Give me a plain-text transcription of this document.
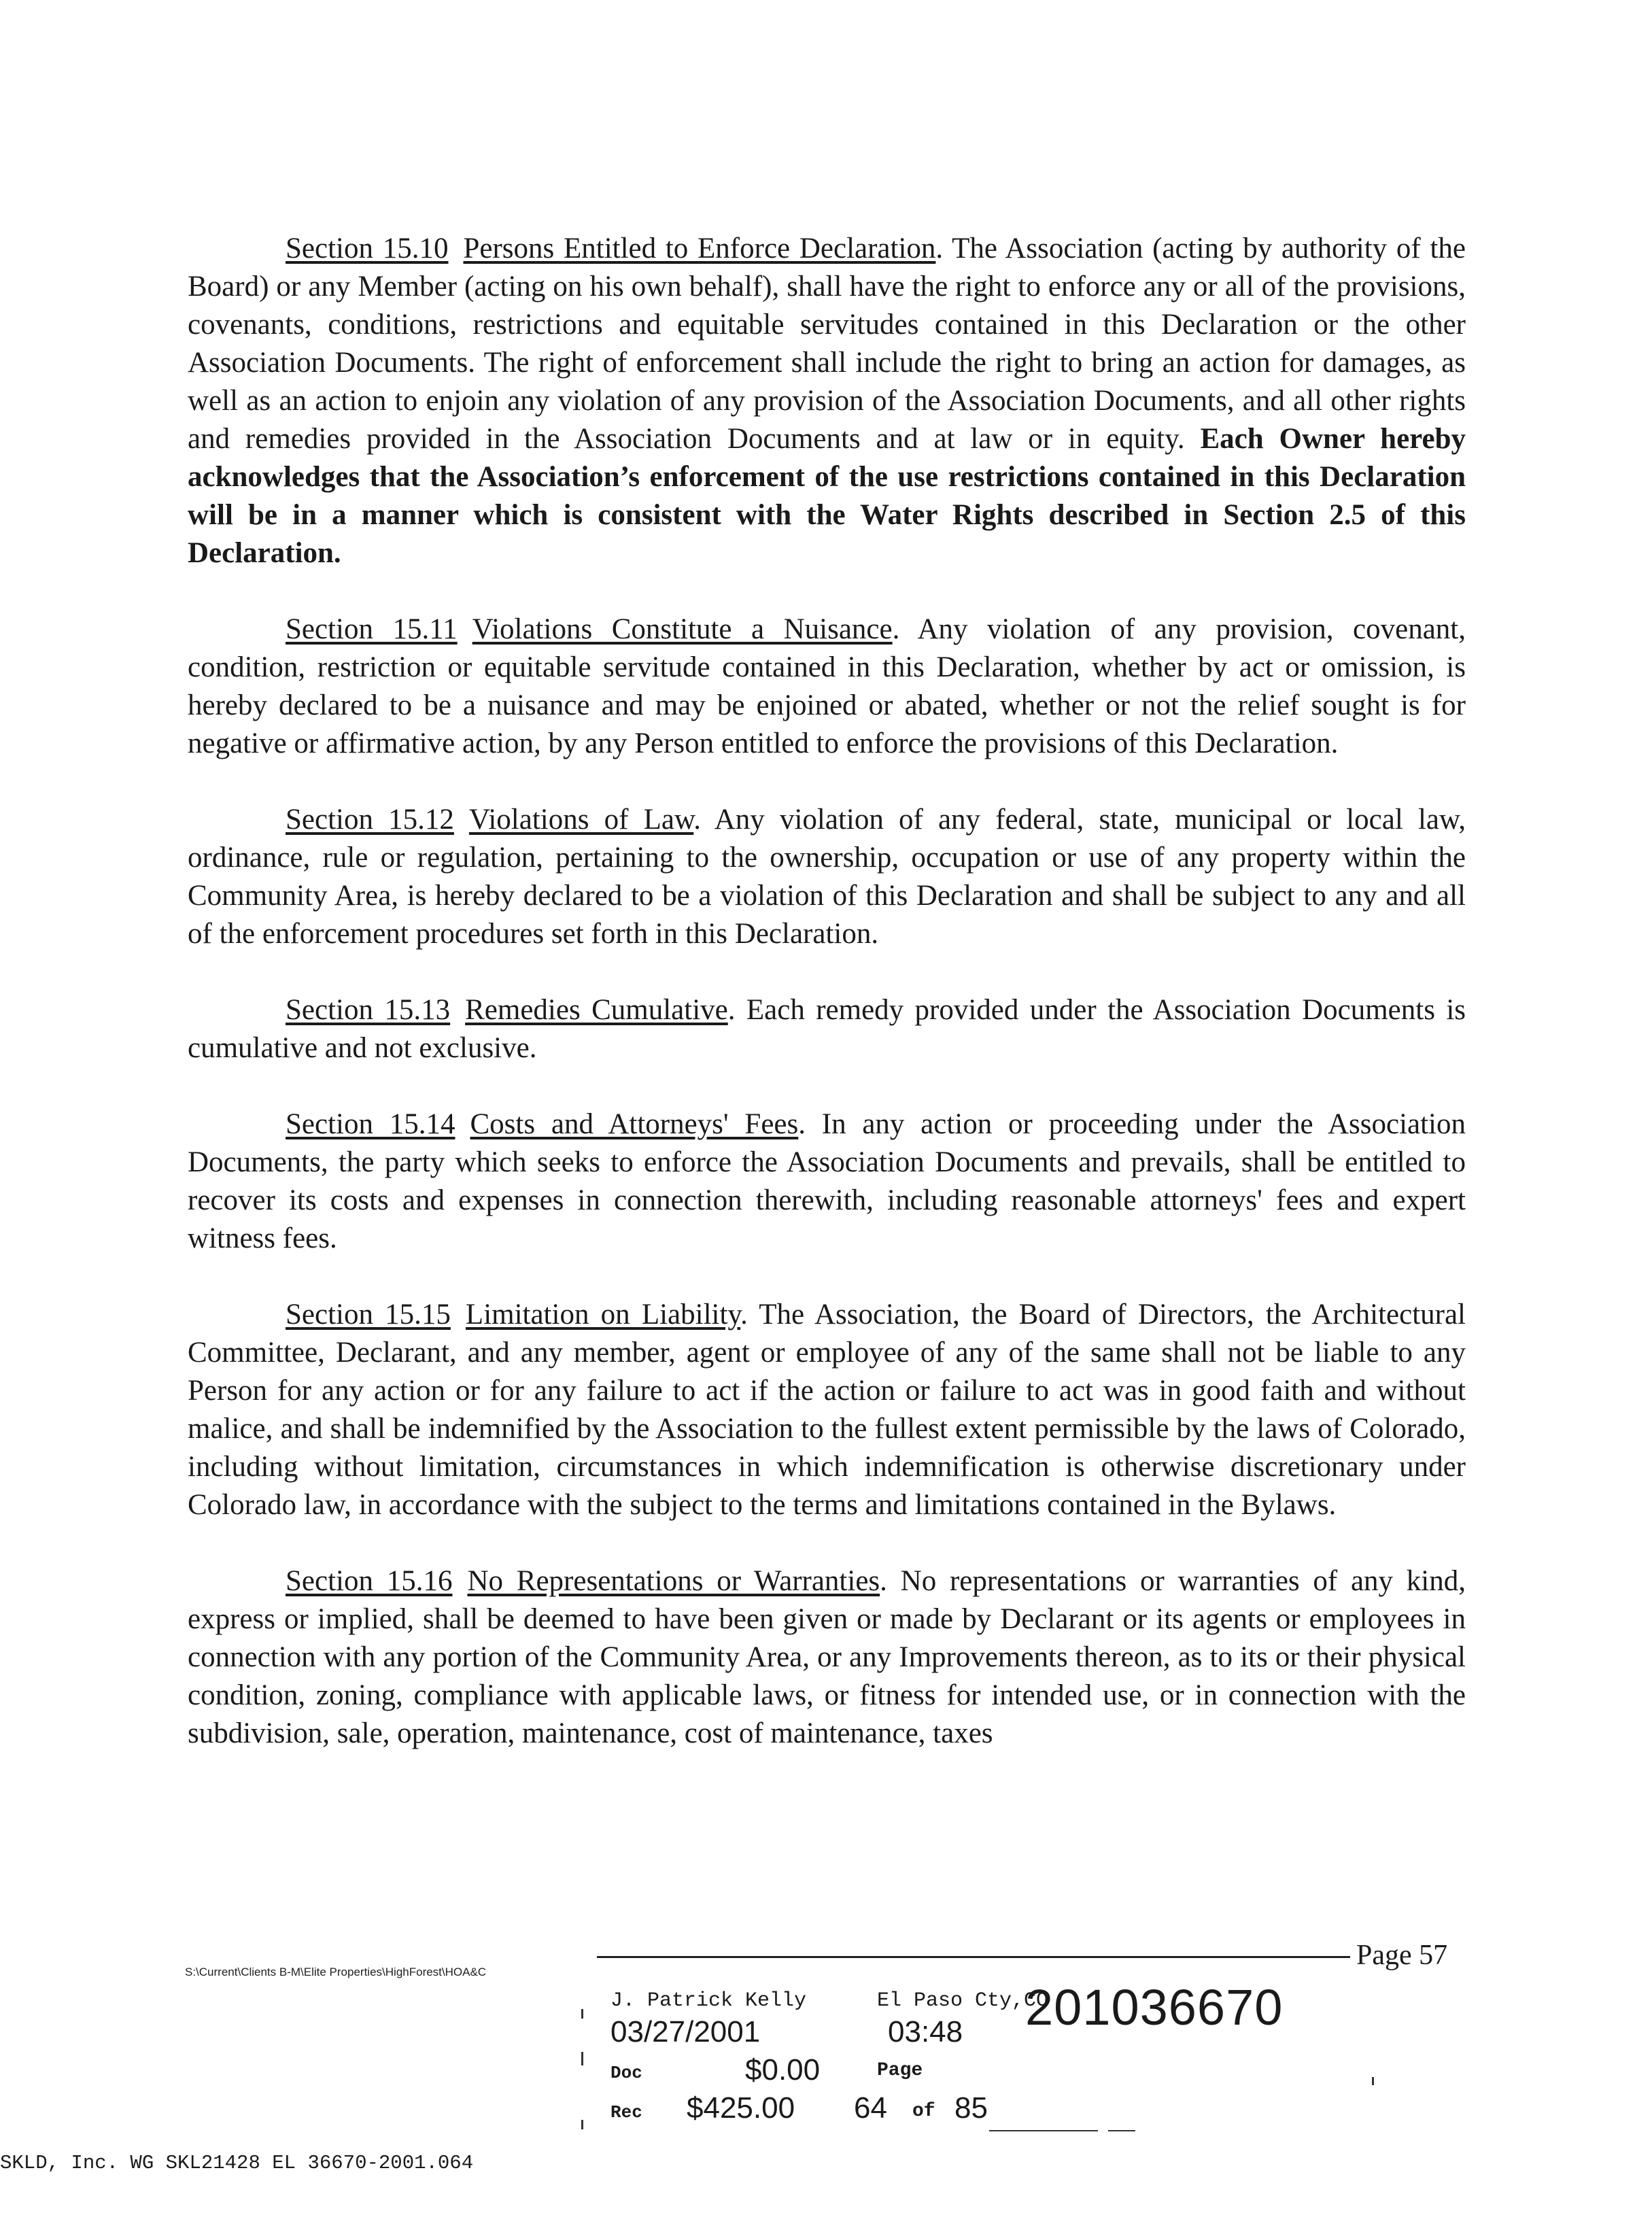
Section 15.10 Persons Entitled to Enforce Declaration. The Association (acting by authority of the Board) or any Member (acting on his own behalf), shall have the right to enforce any or all of the provisions, covenants, conditions, restrictions and equitable servitudes contained in this Declaration or the other Association Documents. The right of enforcement shall include the right to bring an action for damages, as well as an action to enjoin any violation of any provision of the Association Documents, and all other rights and remedies provided in the Association Documents and at law or in equity. Each Owner hereby acknowledges that the Association’s enforcement of the use restrictions contained in this Declaration will be in a manner which is consistent with the Water Rights described in Section 2.5 of this Declaration.

Section 15.11 Violations Constitute a Nuisance. Any violation of any provision, covenant, condition, restriction or equitable servitude contained in this Declaration, whether by act or omission, is hereby declared to be a nuisance and may be enjoined or abated, whether or not the relief sought is for negative or affirmative action, by any Person entitled to enforce the provisions of this Declaration.

Section 15.12 Violations of Law. Any violation of any federal, state, municipal or local law, ordinance, rule or regulation, pertaining to the ownership, occupation or use of any property within the Community Area, is hereby declared to be a violation of this Declaration and shall be subject to any and all of the enforcement procedures set forth in this Declaration.

Section 15.13 Remedies Cumulative. Each remedy provided under the Association Documents is cumulative and not exclusive.

Section 15.14 Costs and Attorneys' Fees. In any action or proceeding under the Association Documents, the party which seeks to enforce the Association Documents and prevails, shall be entitled to recover its costs and expenses in connection therewith, including reasonable attorneys' fees and expert witness fees.

Section 15.15 Limitation on Liability. The Association, the Board of Directors, the Architectural Committee, Declarant, and any member, agent or employee of any of the same shall not be liable to any Person for any action or for any failure to act if the action or failure to act was in good faith and without malice, and shall be indemnified by the Association to the fullest extent permissible by the laws of Colorado, including without limitation, circumstances in which indemnification is otherwise discretionary under Colorado law, in accordance with the subject to the terms and limitations contained in the Bylaws.

Section 15.16 No Representations or Warranties. No representations or warranties of any kind, express or implied, shall be deemed to have been given or made by Declarant or its agents or employees in connection with any portion of the Community Area, or any Improvements thereon, as to its or their physical condition, zoning, compliance with applicable laws, or fitness for intended use, or in connection with the subdivision, sale, operation, maintenance, cost of maintenance, taxes

S:\Current\Clients B-M\Elite Properties\HighForest\HOA&C
Page 57
J. Patrick Kelly	El Paso Cty,CO
201036670
03/27/2001	03:48
Doc	$0.00	Page
Rec $425.00 64 of 85
SKLD, Inc. WG SKL21428 EL 36670-2001.064
